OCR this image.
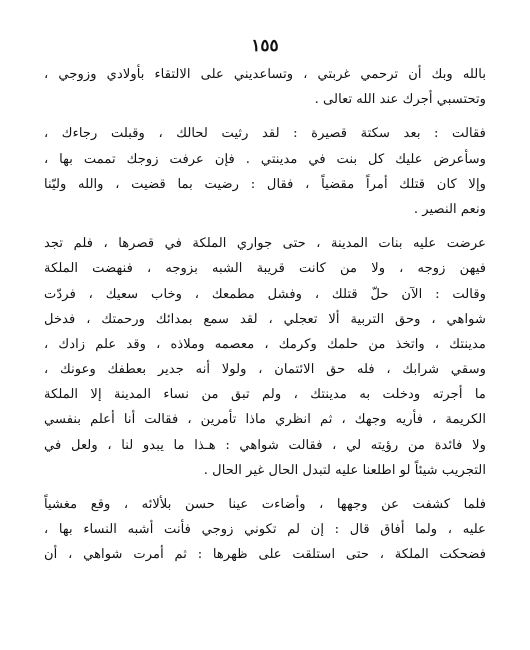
١٥٥
بالله وبك أن ترحمي غربتي ، وتساعديني على الالتقاء بأولادي وزوجي ،
وتحتسبي أجرك عند الله تعالى .
فقالت : بعد سكتة قصيرة : لقد رثيت لحالك ، وقبلت رجاءك ،
وسأعرض عليك كل بنت في مدينتي . فإن عرفت زوجك تممت بها ،
وإلا كان قتلك أمراً مقضياً ، فقال : رضيت بما قضيت ، والله وليّنا
ونعم النصير .
عرضت عليه بنات المدينة ، حتى جواري الملكة في قصرها ، فلم تجد
فيهن زوجه ، ولا من كانت قريبة الشبه بزوجه ، فنهضت الملكة
وقالت : الآن حلّ قتلك ، وفشل مطمعك ، وخاب سعيك ، فردّت
شواهي ، وحق التربية ألا تعجلي ، لقد سمع بمدائك ورحمتك ، فدخل
مدينتك ، واتخذ من حلمك وكرمك ، معصمه وملاذه ، وقد علم زادك ،
وسقي شرابك ، فله حق الائتمان ، ولولا أنه جدير بعطفك وعونك ،
ما أجرته ودخلت به مدينتك ، ولم تبق من نساء المدينة إلا الملكة
الكريمة ، فأريه وجهك ، ثم انظري ماذا تأمرين ، فقالت أنا أعلم بنفسي
ولا فائدة من رؤيته لي ، فقالت شواهي : هـذا ما يبدو لنا ، ولعل في
التجريب شيئاً لو اطلعنا عليه لتبدل الحال غير الحال .
فلما كشفت عن وجهها ، وأضاءت عينا حسن بلألائه ، وقع مغشياً
عليه ، ولما أفاق قال : إن لم تكوني زوجي فأنت أشبه النساء بها ،
فضحكت الملكة ، حتى استلقت على ظهرها : ثم أمرت شواهي ، أن
